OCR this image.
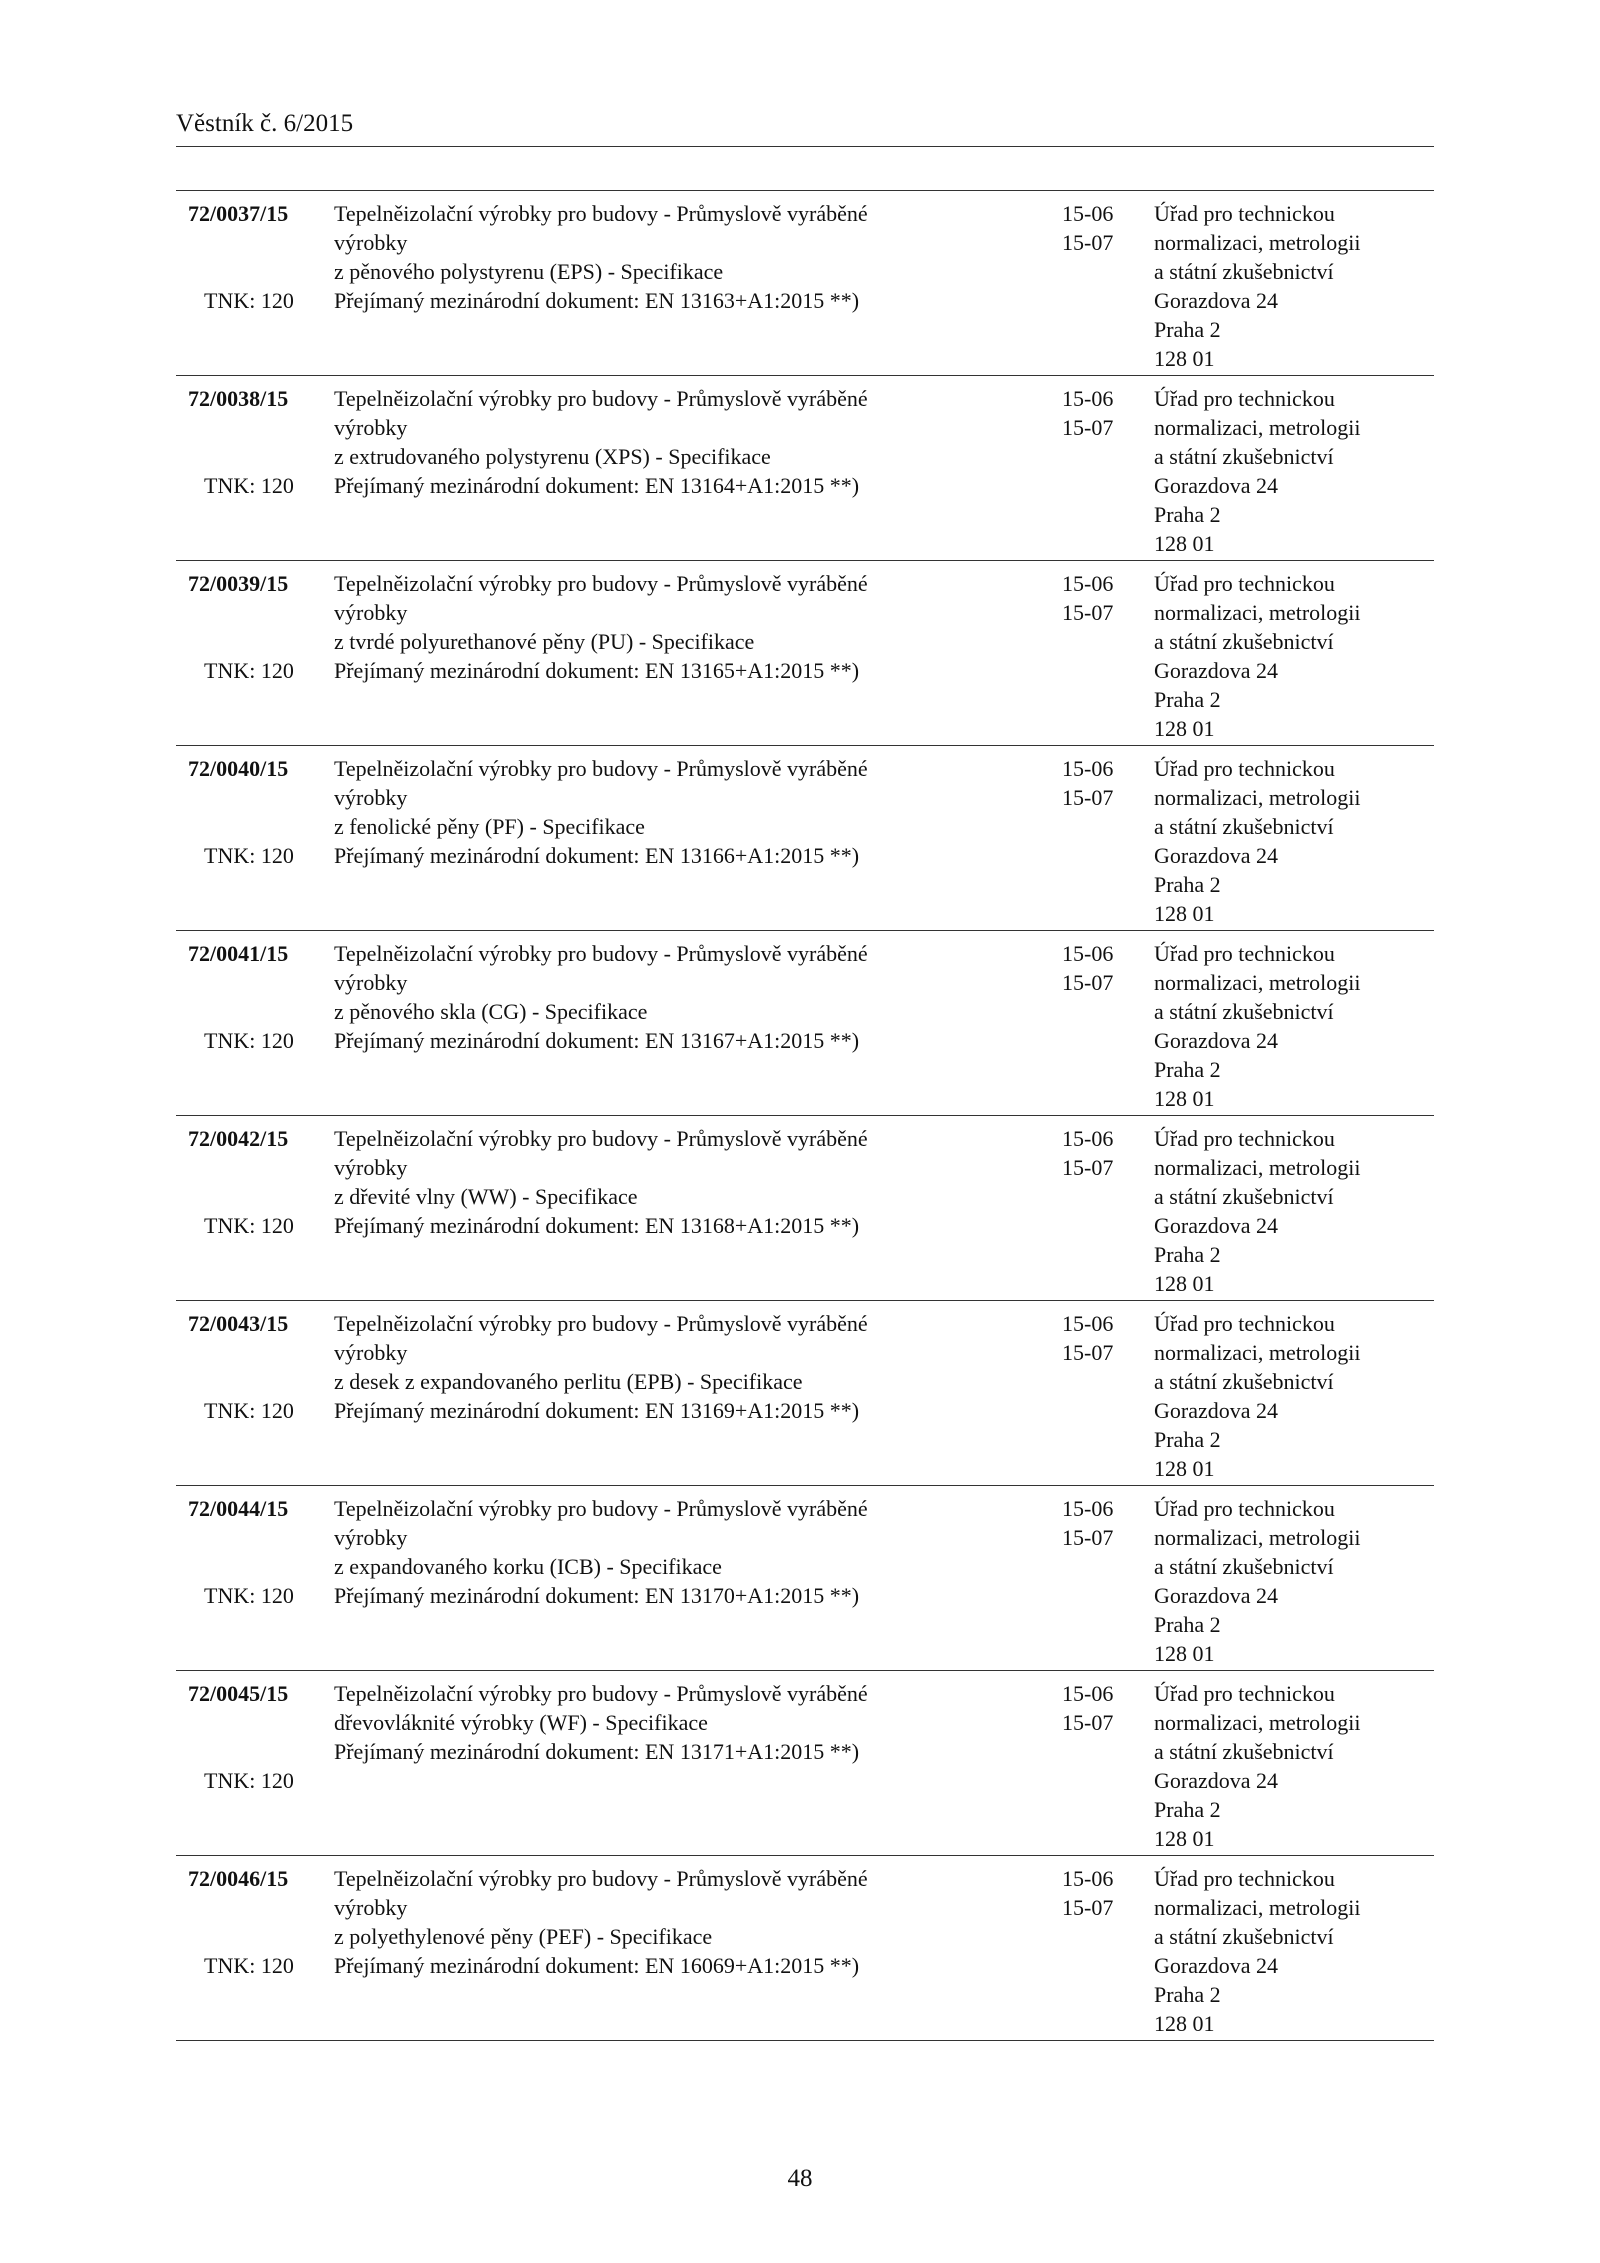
Věstník č. 6/2015
72/0037/15
TNK: 120
Tepelněizolační výrobky pro budovy - Průmyslově vyráběné výrobky
z pěnového polystyrenu (EPS) - Specifikace
Přejímaný mezinárodní dokument: EN 13163+A1:2015 **)
15-06
15-07
Úřad pro technickou
normalizaci, metrologii
a státní zkušebnictví
Gorazdova 24
Praha 2
128 01
72/0038/15
TNK: 120
Tepelněizolační výrobky pro budovy - Průmyslově vyráběné výrobky
z extrudovaného polystyrenu (XPS) - Specifikace
Přejímaný mezinárodní dokument: EN 13164+A1:2015 **)
15-06
15-07
Úřad pro technickou
normalizaci, metrologii
a státní zkušebnictví
Gorazdova 24
Praha 2
128 01
72/0039/15
TNK: 120
Tepelněizolační výrobky pro budovy - Průmyslově vyráběné výrobky
z tvrdé polyurethanové pěny (PU) - Specifikace
Přejímaný mezinárodní dokument: EN 13165+A1:2015 **)
15-06
15-07
Úřad pro technickou
normalizaci, metrologii
a státní zkušebnictví
Gorazdova 24
Praha 2
128 01
72/0040/15
TNK: 120
Tepelněizolační výrobky pro budovy - Průmyslově vyráběné výrobky
z fenolické pěny (PF) - Specifikace
Přejímaný mezinárodní dokument: EN 13166+A1:2015 **)
15-06
15-07
Úřad pro technickou
normalizaci, metrologii
a státní zkušebnictví
Gorazdova 24
Praha 2
128 01
72/0041/15
TNK: 120
Tepelněizolační výrobky pro budovy - Průmyslově vyráběné výrobky
z pěnového skla (CG) - Specifikace
Přejímaný mezinárodní dokument: EN 13167+A1:2015 **)
15-06
15-07
Úřad pro technickou
normalizaci, metrologii
a státní zkušebnictví
Gorazdova 24
Praha 2
128 01
72/0042/15
TNK: 120
Tepelněizolační výrobky pro budovy - Průmyslově vyráběné výrobky
z dřevité vlny (WW) - Specifikace
Přejímaný mezinárodní dokument: EN 13168+A1:2015 **)
15-06
15-07
Úřad pro technickou
normalizaci, metrologii
a státní zkušebnictví
Gorazdova 24
Praha 2
128 01
72/0043/15
TNK: 120
Tepelněizolační výrobky pro budovy - Průmyslově vyráběné výrobky
z desek z expandovaného perlitu (EPB) - Specifikace
Přejímaný mezinárodní dokument: EN 13169+A1:2015 **)
15-06
15-07
Úřad pro technickou
normalizaci, metrologii
a státní zkušebnictví
Gorazdova 24
Praha 2
128 01
72/0044/15
TNK: 120
Tepelněizolační výrobky pro budovy - Průmyslově vyráběné výrobky
z expandovaného korku (ICB) - Specifikace
Přejímaný mezinárodní dokument: EN 13170+A1:2015 **)
15-06
15-07
Úřad pro technickou
normalizaci, metrologii
a státní zkušebnictví
Gorazdova 24
Praha 2
128 01
72/0045/15
TNK: 120
Tepelněizolační výrobky pro budovy - Průmyslově vyráběné
dřevovláknité výrobky (WF) - Specifikace
Přejímaný mezinárodní dokument: EN 13171+A1:2015 **)
15-06
15-07
Úřad pro technickou
normalizaci, metrologii
a státní zkušebnictví
Gorazdova 24
Praha 2
128 01
72/0046/15
TNK: 120
Tepelněizolační výrobky pro budovy - Průmyslově vyráběné výrobky
z polyethylenové pěny (PEF) - Specifikace
Přejímaný mezinárodní dokument: EN 16069+A1:2015 **)
15-06
15-07
Úřad pro technickou
normalizaci, metrologii
a státní zkušebnictví
Gorazdova 24
Praha 2
128 01
48
